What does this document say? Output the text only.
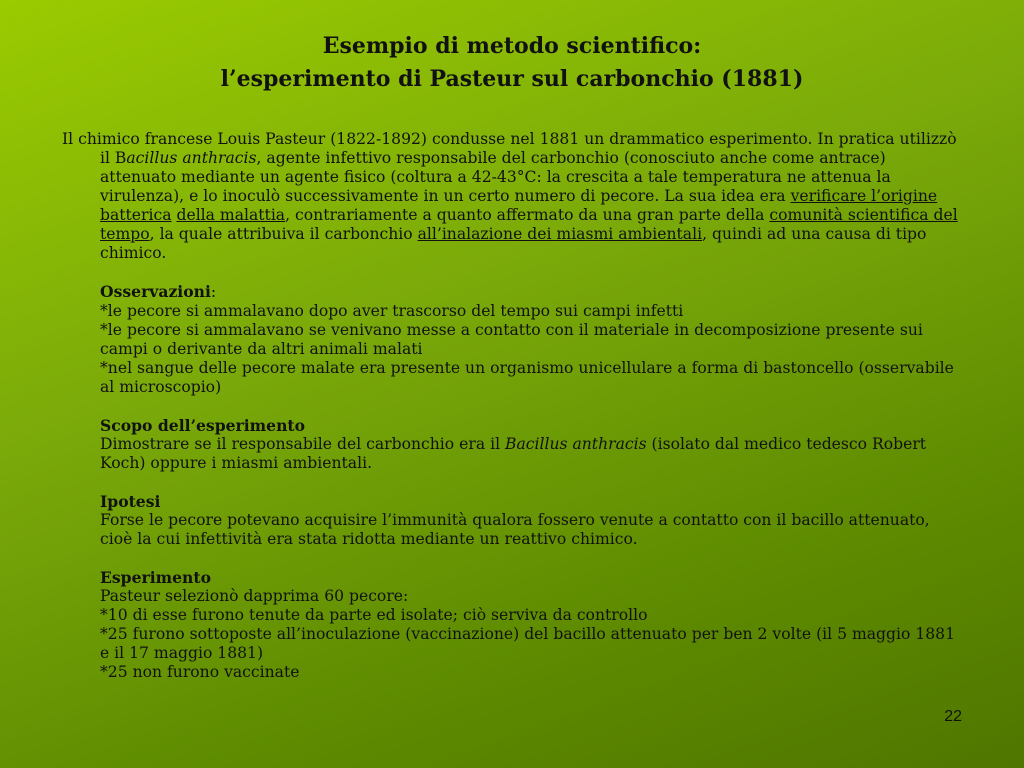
Esempio di metodo scientifico:
l’esperimento di Pasteur sul carbonchio (1881)
Il chimico francese Louis Pasteur (1822-1892) condusse nel 1881 un drammatico esperimento. In pratica utilizzò il Bacillus anthracis, agente infettivo responsabile del carbonchio (conosciuto anche come antrace) attenuato mediante un agente fisico (coltura a 42-43°C: la crescita a tale temperatura ne attenua la virulenza), e lo inoculò successivamente in un certo numero di pecore. La sua idea era verificare l’origine batterica della malattia, contrariamente a quanto affermato da una gran parte della comunità scientifica del tempo, la quale attribuiva il carbonchio all’inalazione dei miasmi ambientali, quindi ad una causa di tipo chimico.
Osservazioni:
*le pecore si ammalavano dopo aver trascorso del tempo sui campi infetti
*le pecore si ammalavano se venivano messe a contatto con il materiale in decomposizione presente sui campi o derivante da altri animali malati
*nel sangue delle pecore malate era presente un organismo unicellulare a forma di bastoncello (osservabile al microscopio)
Scopo dell’esperimento
Dimostrare se il responsabile del carbonchio era il Bacillus anthracis (isolato dal medico tedesco Robert Koch) oppure i miasmi ambientali.
Ipotesi
Forse le pecore potevano acquisire l’immunità qualora fossero venute a contatto con il bacillo attenuato, cioè la cui infettività era stata ridotta mediante un reattivo chimico.
Esperimento
Pasteur selezionò dapprima 60 pecore:
*10 di esse furono tenute da parte ed isolate; ciò serviva da controllo
*25 furono sottoposte all’inoculazione (vaccinazione) del bacillo attenuato per ben 2 volte (il 5 maggio 1881 e il 17 maggio 1881)
*25 non furono vaccinate
22
